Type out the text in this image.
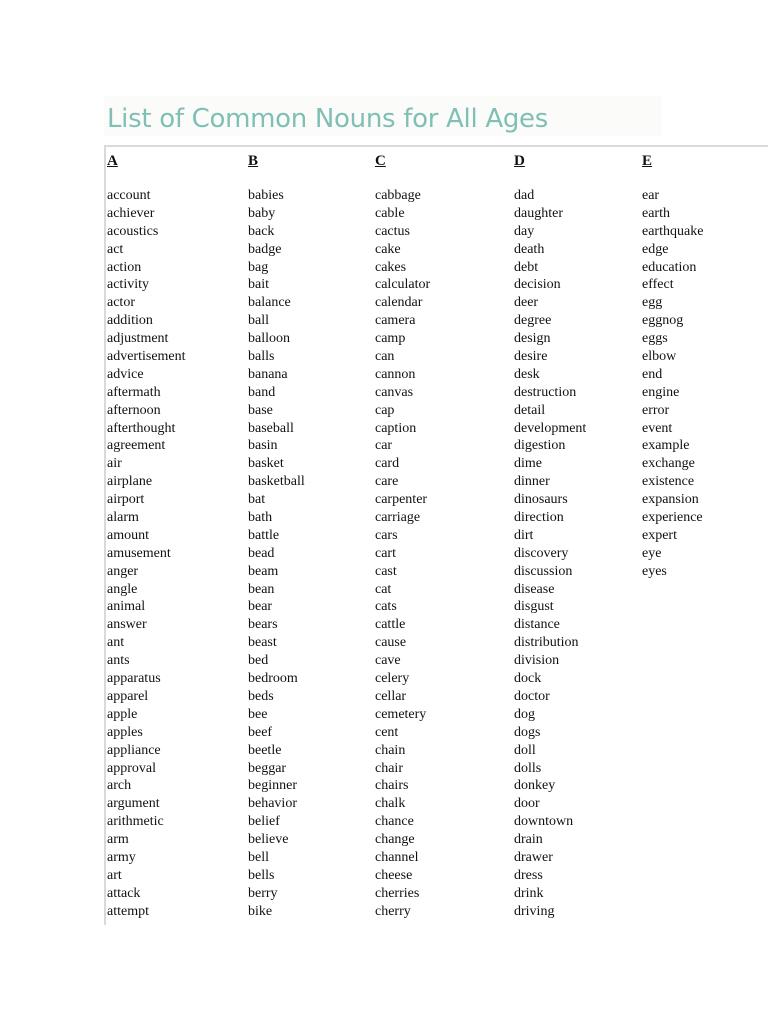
List of Common Nouns for All Ages
A
account
achiever
acoustics
act
action
activity
actor
addition
adjustment
advertisement
advice
aftermath
afternoon
afterthought
agreement
air
airplane
airport
alarm
amount
amusement
anger
angle
animal
answer
ant
ants
apparatus
apparel
apple
apples
appliance
approval
arch
argument
arithmetic
arm
army
art
attack
attempt
B
babies
baby
back
badge
bag
bait
balance
ball
balloon
balls
banana
band
base
baseball
basin
basket
basketball
bat
bath
battle
bead
beam
bean
bear
bears
beast
bed
bedroom
beds
bee
beef
beetle
beggar
beginner
behavior
belief
believe
bell
bells
berry
bike
C
cabbage
cable
cactus
cake
cakes
calculator
calendar
camera
camp
can
cannon
canvas
cap
caption
car
card
care
carpenter
carriage
cars
cart
cast
cat
cats
cattle
cause
cave
celery
cellar
cemetery
cent
chain
chair
chairs
chalk
chance
change
channel
cheese
cherries
cherry
D
dad
daughter
day
death
debt
decision
deer
degree
design
desire
desk
destruction
detail
development
digestion
dime
dinner
dinosaurs
direction
dirt
discovery
discussion
disease
disgust
distance
distribution
division
dock
doctor
dog
dogs
doll
dolls
donkey
door
downtown
drain
drawer
dress
drink
driving
E
ear
earth
earthquake
edge
education
effect
egg
eggnog
eggs
elbow
end
engine
error
event
example
exchange
existence
expansion
experience
expert
eye
eyes
